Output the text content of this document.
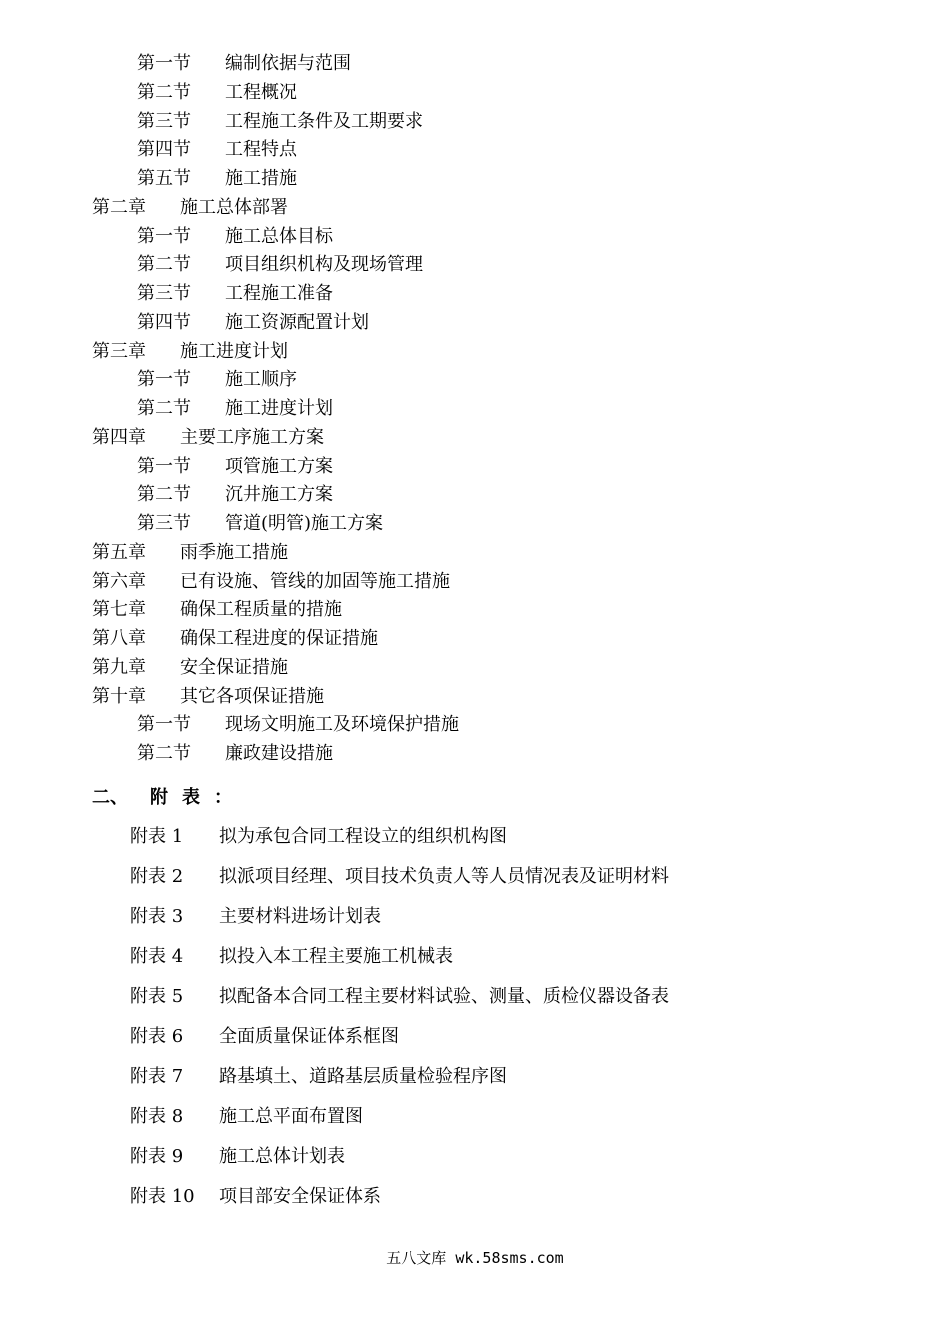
第一节 编制依据与范围
第二节 工程概况
第三节 工程施工条件及工期要求
第四节 工程特点
第五节 施工措施
第二章 施工总体部署
第一节 施工总体目标
第二节 项目组织机构及现场管理
第三节 工程施工准备
第四节 施工资源配置计划
第三章 施工进度计划
第一节 施工顺序
第二节 施工进度计划
第四章 主要工序施工方案
第一节 项管施工方案
第二节 沉井施工方案
第三节 管道(明管)施工方案
第五章 雨季施工措施
第六章 已有设施、管线的加固等施工措施
第七章 确保工程质量的措施
第八章 确保工程进度的保证措施
第九章 安全保证措施
第十章 其它各项保证措施
第一节 现场文明施工及环境保护措施
第二节 廉政建设措施
二、 附表：
附表 1 拟为承包合同工程设立的组织机构图
附表 2 拟派项目经理、项目技术负责人等人员情况表及证明材料
附表 3 主要材料进场计划表
附表 4 拟投入本工程主要施工机械表
附表 5 拟配备本合同工程主要材料试验、测量、质检仪器设备表
附表 6 全面质量保证体系框图
附表 7 路基填土、道路基层质量检验程序图
附表 8 施工总平面布置图
附表 9 施工总体计划表
附表 10 项目部安全保证体系
五八文库 wk.58sms.com
